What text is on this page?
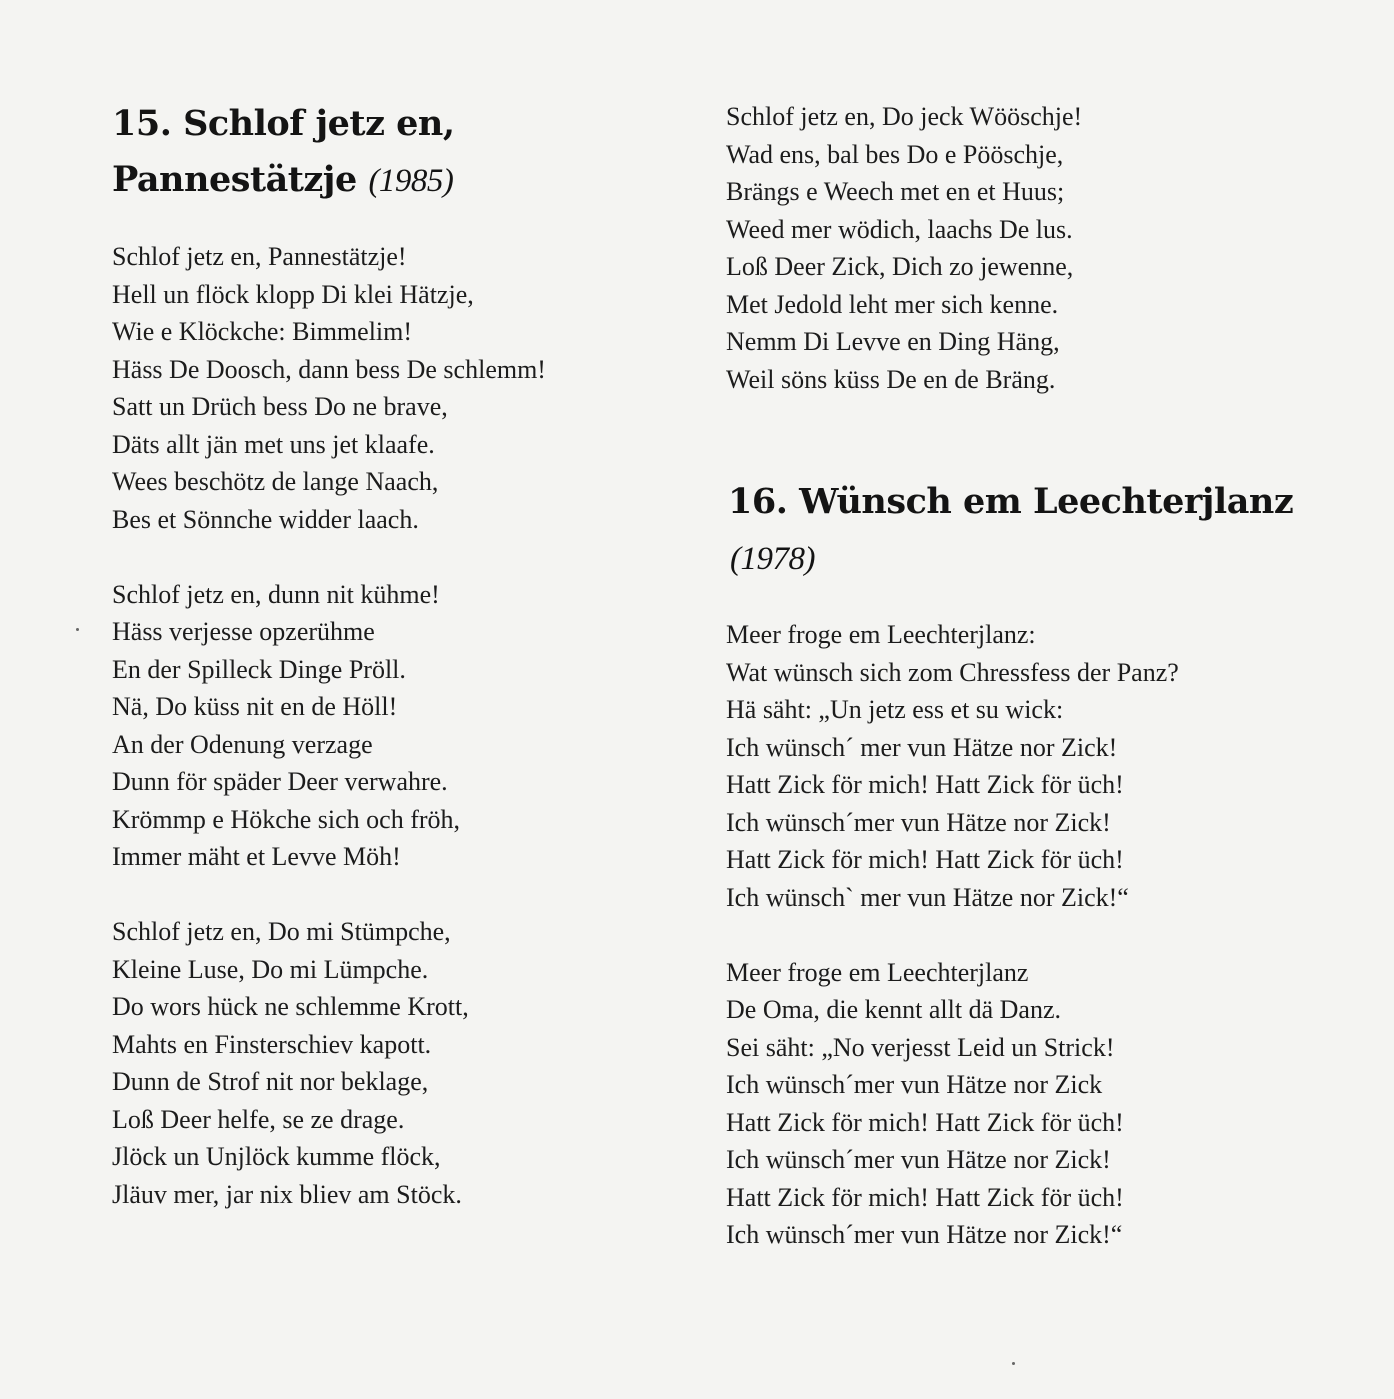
15. Schlof jetz en,
Pannestätzje (1985)
Schlof jetz en, Pannestätzje!
Hell un flöck klopp Di klei Hätzje,
Wie e Klöckche: Bimmelim!
Häss De Doosch, dann bess De schlemm!
Satt un Drüch bess Do ne brave,
Däts allt jän met uns jet klaafe.
Wees beschötz de lange Naach,
Bes et Sönnche widder laach.
Schlof jetz en, dunn nit kühme!
Häss verjesse opzerühme
En der Spilleck Dinge Pröll.
Nä, Do küss nit en de Höll!
An der Odenung verzage
Dunn för späder Deer verwahre.
Krömmp e Hökche sich och fröh,
Immer mäht et Levve Möh!
Schlof jetz en, Do mi Stümpche,
Kleine Luse, Do mi Lümpche.
Do wors hück ne schlemme Krott,
Mahts en Finsterschiev kapott.
Dunn de Strof nit nor beklage,
Loß Deer helfe, se ze drage.
Jlöck un Unjlöck kumme flöck,
Jläuv mer, jar nix bliev am Stöck.
Schlof jetz en, Do jeck Wööschje!
Wad ens, bal bes Do e Pööschje,
Brängs e Weech met en et Huus;
Weed mer wödich, laachs De lus.
Loß Deer Zick, Dich zo jewenne,
Met Jedold leht mer sich kenne.
Nemm Di Levve en Ding Häng,
Weil söns küss De en de Bräng.
16. Wünsch em Leechterjlanz
(1978)
Meer froge em Leechterjlanz:
Wat wünsch sich zom Chressfess der Panz?
Hä säht: „Un jetz ess et su wick:
Ich wünsch´ mer vun Hätze nor Zick!
Hatt Zick för mich! Hatt Zick för üch!
Ich wünsch´mer vun Hätze nor Zick!
Hatt Zick för mich! Hatt Zick för üch!
Ich wünsch` mer vun Hätze nor Zick!“
Meer froge em Leechterjlanz
De Oma, die kennt allt dä Danz.
Sei säht: „No verjesst Leid un Strick!
Ich wünsch´mer vun Hätze nor Zick
Hatt Zick för mich! Hatt Zick för üch!
Ich wünsch´mer vun Hätze nor Zick!
Hatt Zick för mich! Hatt Zick för üch!
Ich wünsch´mer vun Hätze nor Zick!“
